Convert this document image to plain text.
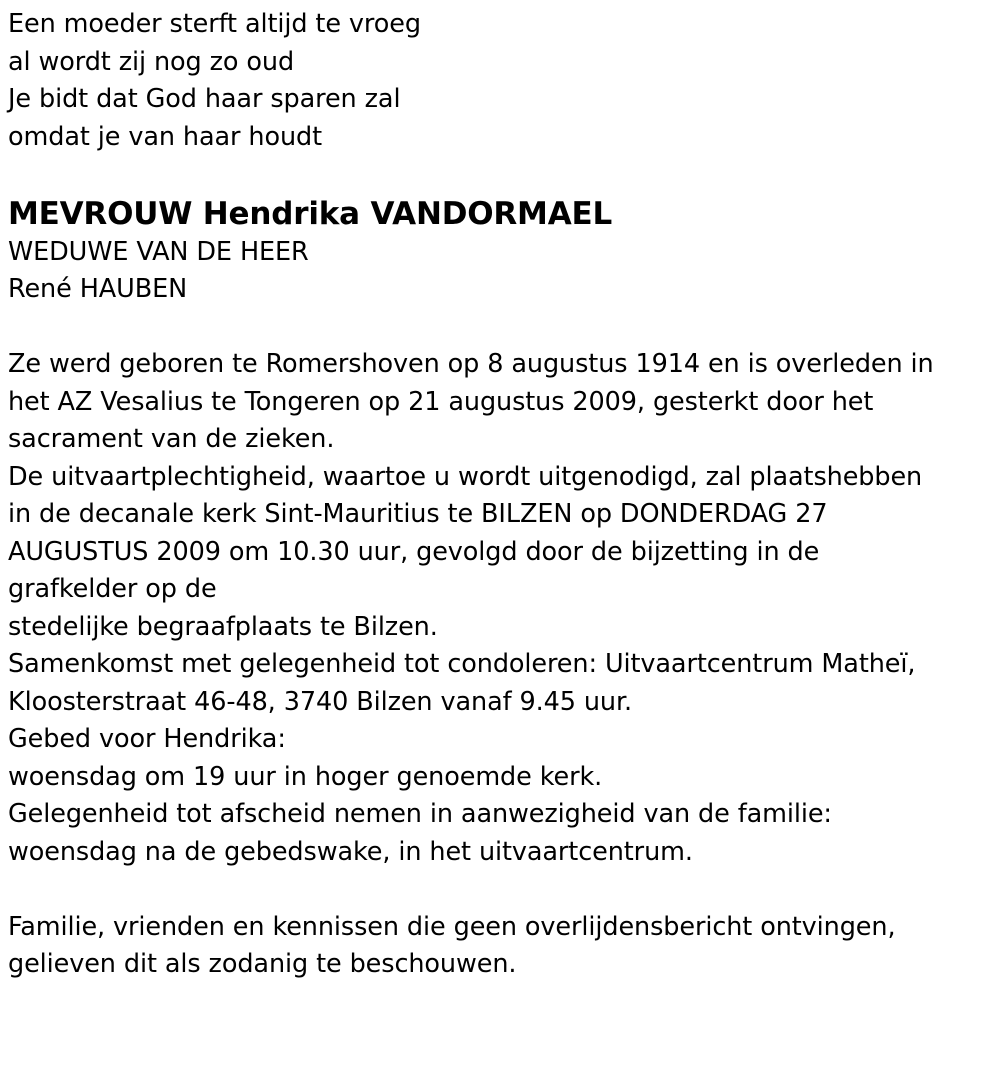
Een moeder sterft altijd te vroeg
al wordt zij nog zo oud
Je bidt dat God haar sparen zal
omdat je van haar houdt
MEVROUW Hendrika VANDORMAEL
WEDUWE VAN DE HEER
René HAUBEN
Ze werd geboren te Romershoven op 8 augustus 1914 en is overleden in
het AZ Vesalius te Tongeren op 21 augustus 2009, gesterkt door het
sacrament van de zieken.
De uitvaartplechtigheid, waartoe u wordt uitgenodigd, zal plaatshebben
in de decanale kerk Sint-Mauritius te BILZEN op DONDERDAG 27
AUGUSTUS 2009 om 10.30 uur, gevolgd door de bijzetting in de
grafkelder op de
stedelijke begraafplaats te Bilzen.
Samenkomst met gelegenheid tot condoleren: Uitvaartcentrum Matheï,
Kloosterstraat 46-48, 3740 Bilzen vanaf 9.45 uur.
Gebed voor Hendrika:
woensdag om 19 uur in hoger genoemde kerk.
Gelegenheid tot afscheid nemen in aanwezigheid van de familie:
woensdag na de gebedswake, in het uitvaartcentrum.
Familie, vrienden en kennissen die geen overlijdensbericht ontvingen,
gelieven dit als zodanig te beschouwen.
